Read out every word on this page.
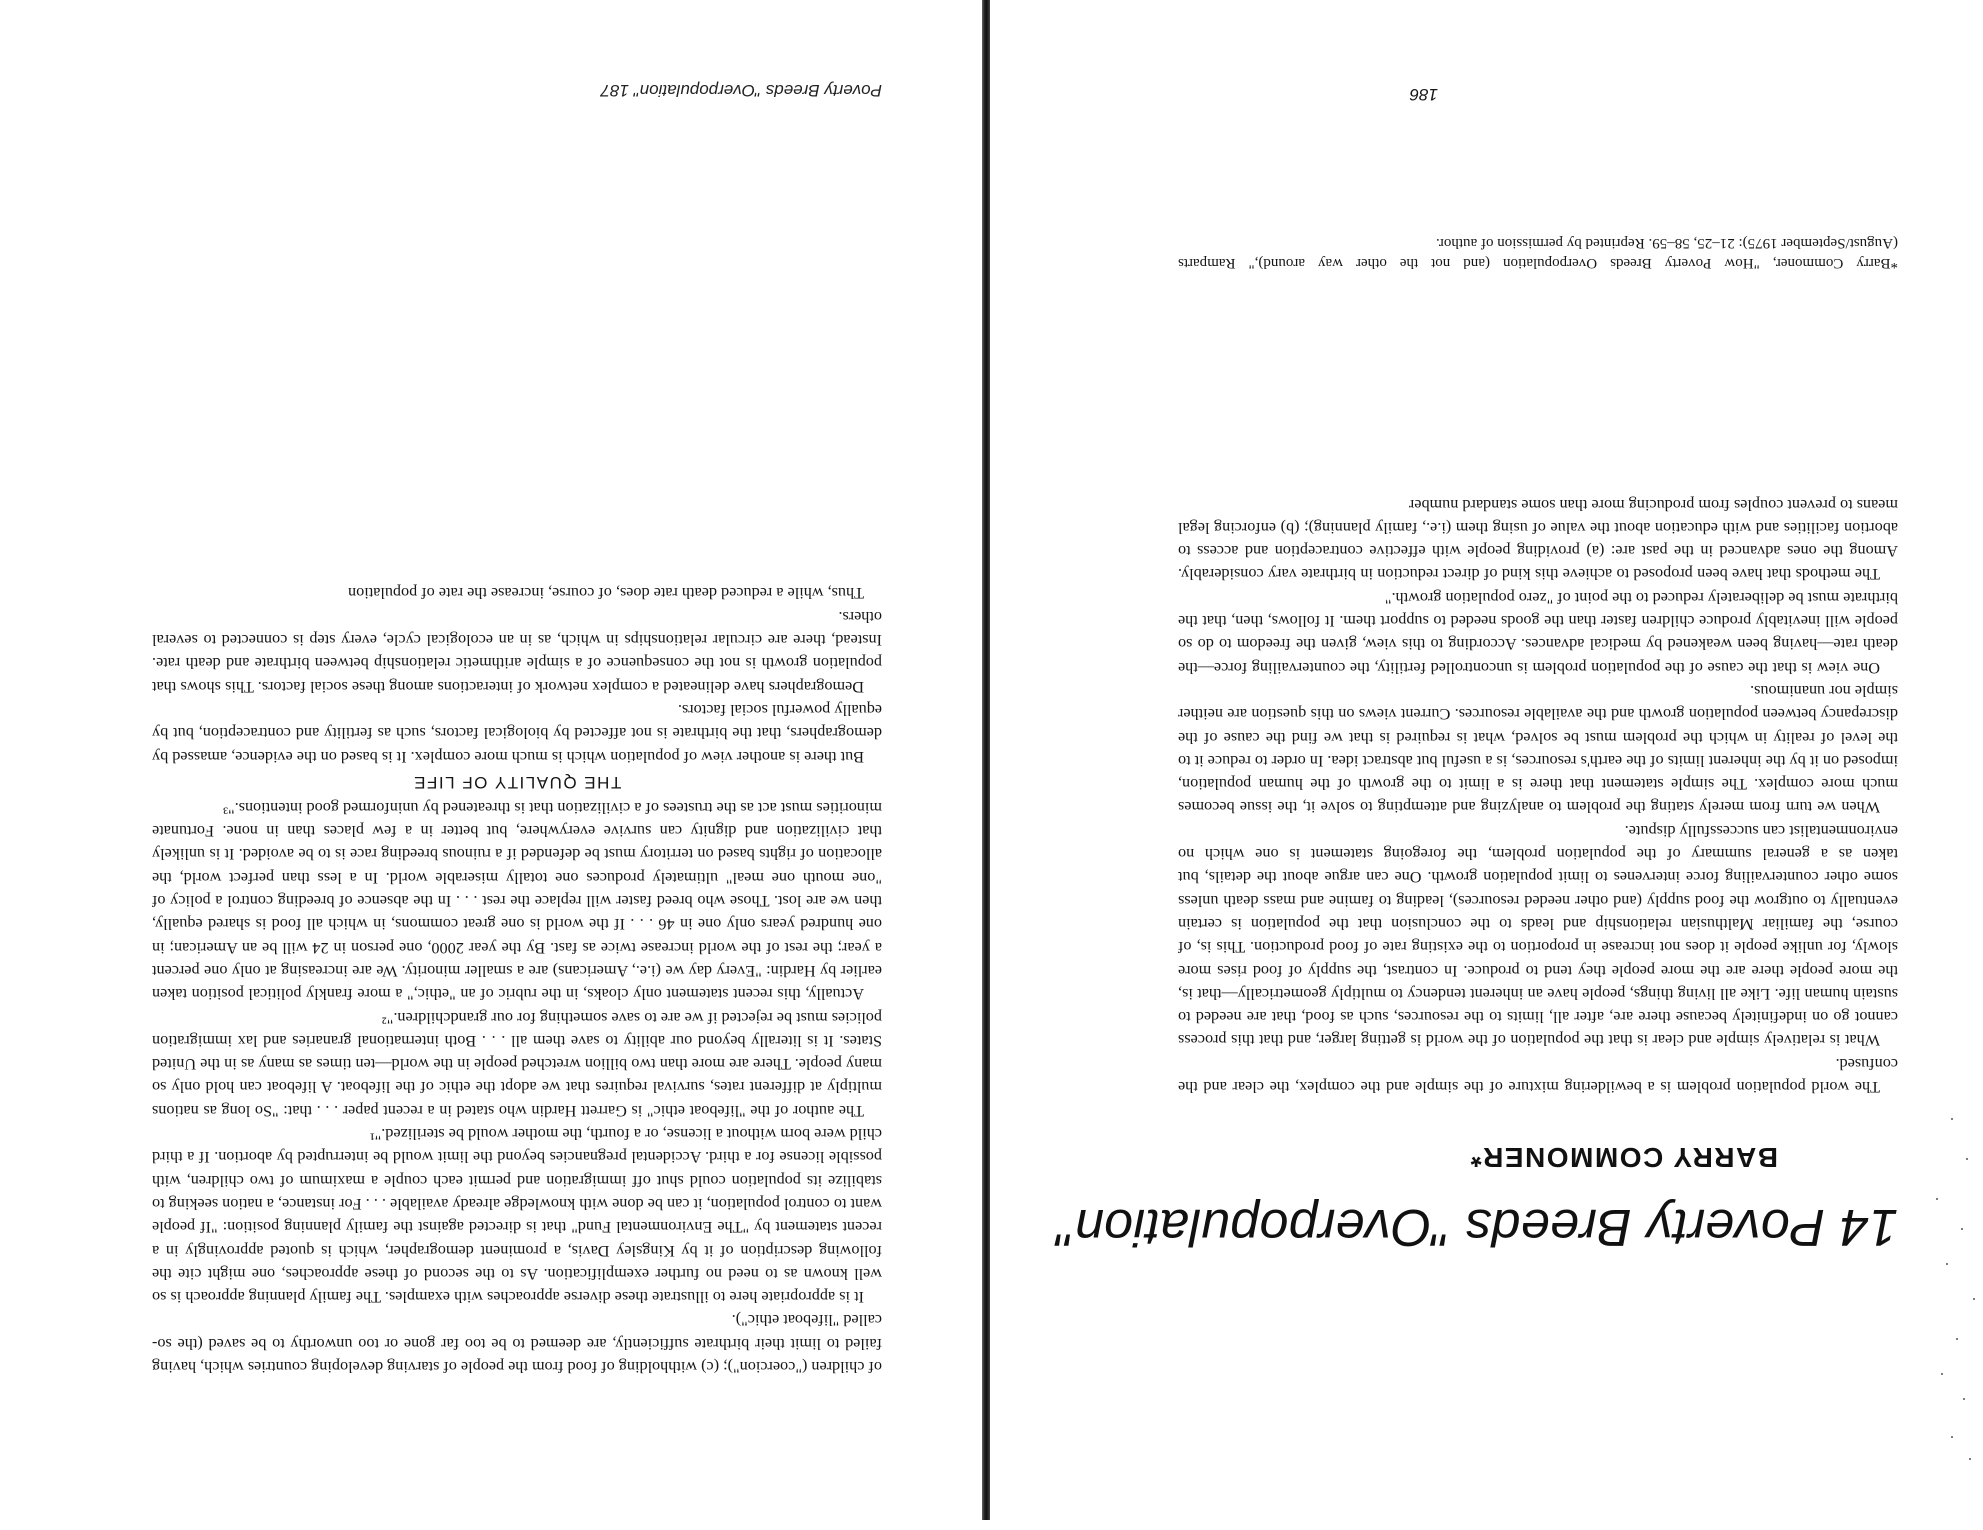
14 Poverty Breeds "Overpopulation"
BARRY COMMONER*

The world population problem is a bewildering mixture of the simple and the complex, the clear and the confused.

What is relatively simple and clear is that the population of the world is getting larger, and that this process cannot go on indefinitely because there are, after all, limits to the resources, such as food, that are needed to sustain human life. Like all living things, people have an inherent tendency to multiply geometrically—that is, the more people there are the more people they tend to produce. In contrast, the supply of food rises more slowly, for unlike people it does not increase in proportion to the existing rate of food production. This is, of course, the familiar Malthusian relationship and leads to the conclusion that the population is certain eventually to outgrow the food supply (and other needed resources), leading to famine and mass death unless some other countervailing force intervenes to limit population growth. One can argue about the details, but taken as a general summary of the population problem, the foregoing statement is one which no environmentalist can successfully dispute.

When we turn from merely stating the problem to analyzing and attempting to solve it, the issue becomes much more complex. The simple statement that there is a limit to the growth of the human population, imposed on it by the inherent limits of the earth's resources, is a useful but abstract idea. In order to reduce it to the level of reality in which the problem must be solved, what is required is that we find the cause of the discrepancy between population growth and the available resources. Current views on this question are neither simple nor unanimous.

One view is that the cause of the population problem is uncontrolled fertility, the countervailing force—the death rate—having been weakened by medical advances. According to this view, given the freedom to do so people will inevitably produce children faster than the goods needed to support them. It follows, then, that the birthrate must be deliberately reduced to the point of "zero population growth."

The methods that have been proposed to achieve this kind of direct reduction in birthrate vary considerably. Among the ones advanced in the past are: (a) providing people with effective contraception and access to abortion facilities and with education about the value of using them (i.e., family planning); (b) enforcing legal means to prevent couples from producing more than some standard number

*Barry Commoner, "How Poverty Breeds Overpopulation (and not the other way around)," Ramparts (August/September 1975): 21–25, 58–59. Reprinted by permission of author.
186
Poverty Breeds "Overpopulation" 187

of children ("coercion"); (c) withholding of food from the people of starving developing countries which, having failed to limit their birthrate sufficiently, are deemed to be too far gone or too unworthy to be saved (the so-called "lifeboat ethic").

It is appropriate here to illustrate these diverse approaches with examples. The family planning approach is so well known as to need no further exemplification. As to the second of these approaches, one might cite the following description of it by Kingsley Davis, a prominent demographer, which is quoted approvingly in a recent statement by "The Environmental Fund" that is directed against the family planning position: "If people want to control population, it can be done with knowledge already available . . . For instance, a nation seeking to stabilize its population could shut off immigration and permit each couple a maximum of two children, with possible license for a third. Accidental pregnancies beyond the limit would be interrupted by abortion. If a third child were born without a license, or a fourth, the mother would be sterilized."¹

The author of the "lifeboat ethic" is Garrett Hardin who stated in a recent paper . . . that: "So long as nations multiply at different rates, survival requires that we adopt the ethic of the lifeboat. A lifeboat can hold only so many people. There are more than two billion wretched people in the world—ten times as many as in the United States. It is literally beyond our ability to save them all . . . Both international granaries and lax immigration policies must be rejected if we are to save something for our grandchildren."²

Actually, this recent statement only cloaks, in the rubric of an "ethic," a more frankly political position taken earlier by Hardin: "Every day we (i.e., Americans) are a smaller minority. We are increasing at only one percent a year; the rest of the world increase twice as fast. By the year 2000, one person in 24 will be an American; in one hundred years only one in 46 . . . If the world is one great commons, in which all food is shared equally, then we are lost. Those who breed faster will replace the rest . . . In the absence of breeding control a policy of "one mouth one meal" ultimately produces one totally miserable world. In a less than perfect world, the allocation of rights based on territory must be defended if a ruinous breeding race is to be avoided. It is unlikely that civilization and dignity can survive everywhere, but better in a few places than in none. Fortunate minorities must act as the trustees of a civilization that is threatened by uninformed good intentions."³

THE QUALITY OF LIFE

But there is another view of population which is much more complex. It is based on the evidence, amassed by demographers, that the birthrate is not affected by biological factors, such as fertility and contraception, but by equally powerful social factors.

Demographers have delineated a complex network of interactions among these social factors. This shows that population growth is not the consequence of a simple arithmetic relationship between birthrate and death rate. Instead, there are circular relationships in which, as in an ecological cycle, every step is connected to several others.

Thus, while a reduced death rate does, of course, increase the rate of population
